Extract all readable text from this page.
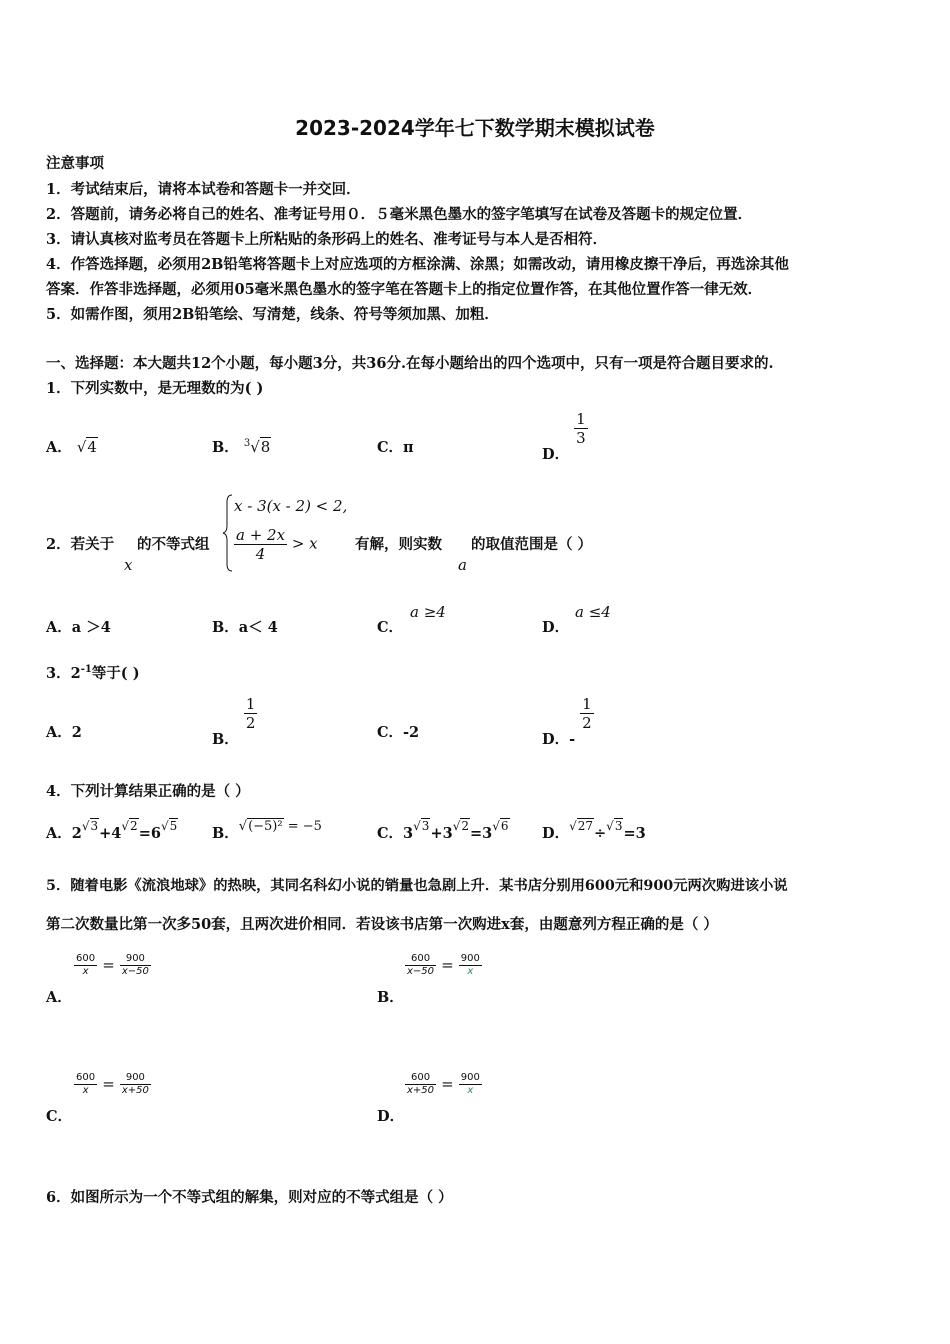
2023-2024学年七下数学期末模拟试卷
注意事项
1．考试结束后，请将本试卷和答题卡一并交回．
2．答题前，请务必将自己的姓名、准考证号用０．５毫米黑色墨水的签字笔填写在试卷及答题卡的规定位置．
3．请认真核对监考员在答题卡上所粘贴的条形码上的姓名、准考证号与本人是否相符．
4．作答选择题，必须用2B铅笔将答题卡上对应选项的方框涂满、涂黑；如需改动，请用橡皮擦干净后，再选涂其他
答案．作答非选择题，必须用05毫米黑色墨水的签字笔在答题卡上的指定位置作答，在其他位置作答一律无效．
5．如需作图，须用2B铅笔绘、写清楚，线条、符号等须加黑、加粗．
一、选择题：本大题共12个小题，每小题3分，共36分.在每小题给出的四个选项中，只有一项是符合题目要求的.
1．下列实数中，是无理数的为( )
A． √4	B． $^3$√8	C．π	D．
$\frac{1}{3}$
2．若关于
x
的不等式组
x - 3(x - 2) < 2,
$\frac{a + 2x}{4} > x$	有解，则实数
a
的取值范围是（ ）
A．a ＞4	B．a＜ 4	C．
a ≥4
D．
a ≤4
3．$2^{-1}$等于( )
A．2	B．
$\frac{1}{2}$
C．-2	D．-
$\frac{1}{2}$
4．下列计算结果正确的是（ ）
A．$2^{√3}+4^{√2}=6^{√5}$ B．√(−5)² = −5	C．$3^{√3}+3^{√2}=3^{√6}$ D．$^{√27}$÷$^{√3}$=3
5．随着电影《流浪地球》的热映，其同名科幻小说的销量也急剧上升．某书店分别用600元和900元两次购进该小说
第二次数量比第一次多50套，且两次进价相同．若设该书店第一次购进x套，由题意列方程正确的是（ ）
A．
$\frac{600}{x} = \frac{900}{x-50}$
B．
$\frac{600}{x-50} = \frac{900}{x}$
C．
$\frac{600}{x} = \frac{900}{x+50}$
D．
$\frac{600}{x+50} = \frac{900}{x}$
6．如图所示为一个不等式组的解集，则对应的不等式组是（ ）
